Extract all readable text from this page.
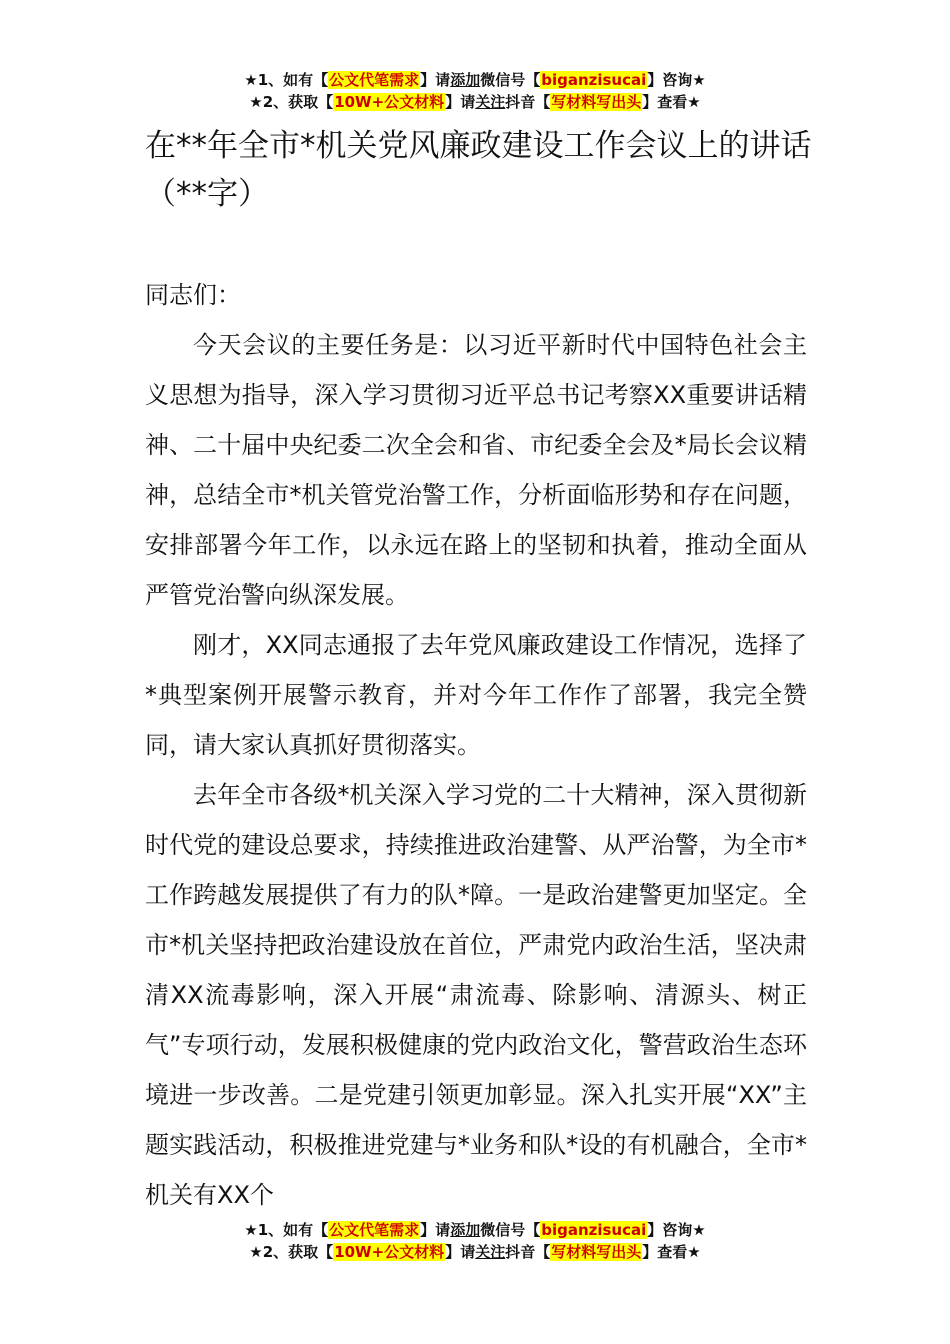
★1、如有【公文代笔需求】请添加微信号【biganzisucai】咨询★
★2、获取【10W+公文材料】请关注抖音【写材料写出头】查看★
在**年全市*机关党风廉政建设工作会议上的讲话（**字）

同志们：

今天会议的主要任务是：以习近平新时代中国特色社会主义思想为指导，深入学习贯彻习近平总书记考察XX重要讲话精神、二十届中央纪委二次全会和省、市纪委全会及*局长会议精神，总结全市*机关管党治警工作，分析面临形势和存在问题，安排部署今年工作，以永远在路上的坚韧和执着，推动全面从严管党治警向纵深发展。

刚才，XX同志通报了去年党风廉政建设工作情况，选择了*典型案例开展警示教育，并对今年工作作了部署，我完全赞同，请大家认真抓好贯彻落实。

去年全市各级*机关深入学习党的二十大精神，深入贯彻新时代党的建设总要求，持续推进政治建警、从严治警，为全市*工作跨越发展提供了有力的队*障。一是政治建警更加坚定。全市*机关坚持把政治建设放在首位，严肃党内政治生活，坚决肃清XX流毒影响，深入开展“肃流毒、除影响、清源头、树正气”专项行动，发展积极健康的党内政治文化，警营政治生态环境进一步改善。二是党建引领更加彰显。深入扎实开展“XX”主题实践活动，积极推进党建与*业务和队*设的有机融合，全市*机关有XX个

★1、如有【公文代笔需求】请添加微信号【biganzisucai】咨询★
★2、获取【10W+公文材料】请关注抖音【写材料写出头】查看★
